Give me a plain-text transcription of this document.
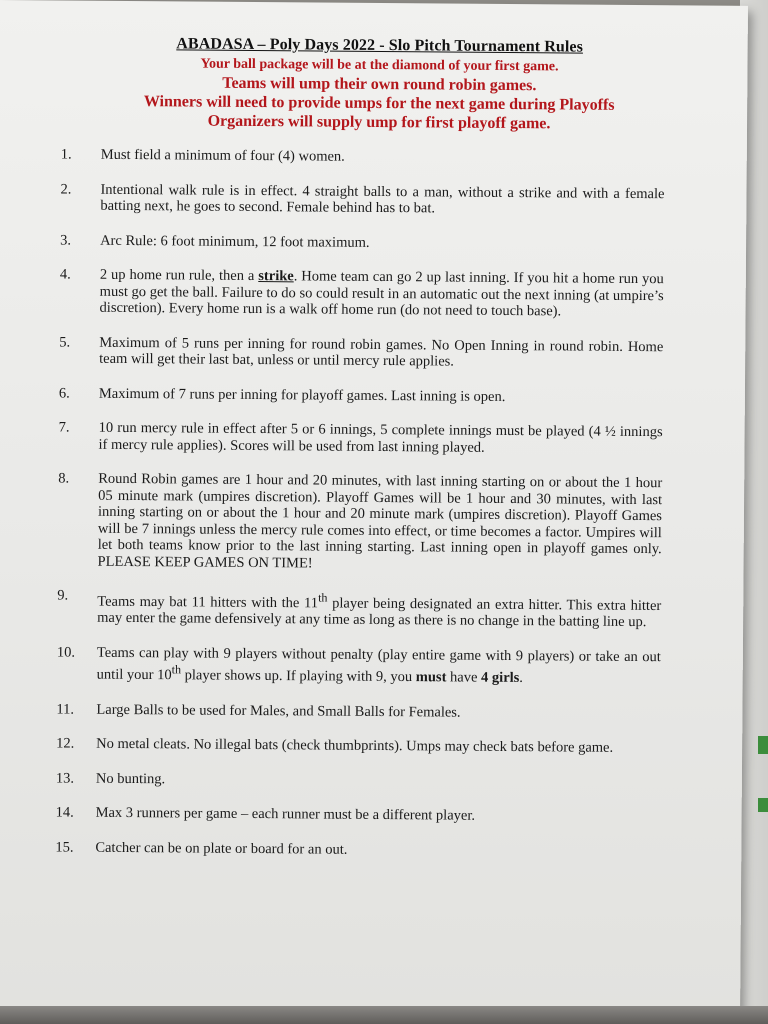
ABADASA – Poly Days 2022 - Slo Pitch Tournament Rules

Your ball package will be at the diamond of your first game.

Teams will ump their own round robin games.

Winners will need to provide umps for the next game during Playoffs

Organizers will supply ump for first playoff game.

1.	Must field a minimum of four (4) women.
2.	Intentional walk rule is in effect. 4 straight balls to a man, without a strike and with a female batting next, he goes to second. Female behind has to bat.
3.	Arc Rule: 6 foot minimum, 12 foot maximum.
4.	2 up home run rule, then a strike. Home team can go 2 up last inning. If you hit a home run you must go get the ball. Failure to do so could result in an automatic out the next inning (at umpire’s discretion). Every home run is a walk off home run (do not need to touch base).
5.	Maximum of 5 runs per inning for round robin games. No Open Inning in round robin. Home team will get their last bat, unless or until mercy rule applies.
6.	Maximum of 7 runs per inning for playoff games. Last inning is open.
7.	10 run mercy rule in effect after 5 or 6 innings, 5 complete innings must be played (4 ½ innings if mercy rule applies). Scores will be used from last inning played.
8.	Round Robin games are 1 hour and 20 minutes, with last inning starting on or about the 1 hour 05 minute mark (umpires discretion). Playoff Games will be 1 hour and 30 minutes, with last inning starting on or about the 1 hour and 20 minute mark (umpires discretion). Playoff Games will be 7 innings unless the mercy rule comes into effect, or time becomes a factor. Umpires will let both teams know prior to the last inning starting. Last inning open in playoff games only. PLEASE KEEP GAMES ON TIME!
9.	Teams may bat 11 hitters with the 11th player being designated an extra hitter. This extra hitter may enter the game defensively at any time as long as there is no change in the batting line up.
10.	Teams can play with 9 players without penalty (play entire game with 9 players) or take an out until your 10th player shows up. If playing with 9, you must have 4 girls.
11.	Large Balls to be used for Males, and Small Balls for Females.
12.	No metal cleats. No illegal bats (check thumbprints). Umps may check bats before game.
13.	No bunting.
14.	Max 3 runners per game – each runner must be a different player.
15.	Catcher can be on plate or board for an out.
